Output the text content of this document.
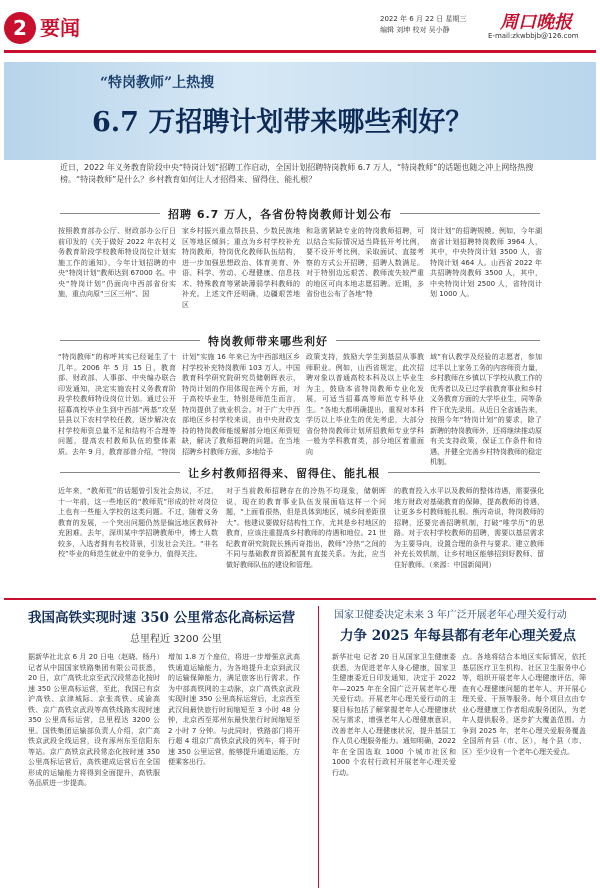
2 要闻	2022 年 6 月 22 日 星期三
编辑 刘坤 校对 吴小静	周口晚报
E-mail:zkwbbjb@126.com
“特岗教师”上热搜
6.7 万招聘计划带来哪些利好？
近日，2022 年义务教育阶段中央“特岗计划”招聘工作启动，全国计划招聘特岗教师 6.7 万人，“特岗教师”的话题也随之冲上网络热搜榜。“特岗教师”是什么？乡村教育如何让人才招得来、留得住、能扎根？
招聘 6.7 万人，各省份特岗教师计划公布
按照教育部办公厅、财政部办公厅日前印发的《关于做好 2022 年农村义务教育阶段学校教师特设岗位计划实施工作的通知》，今年计划招聘的中央“特岗计划”教师达到 67000 名。中央“特岗计划”仍面向中西部省份实施，重点向原“三区三州”、国
家乡村振兴重点帮扶县、少数民族地区等地区倾斜；重点为乡村学校补充特岗教师，特岗优化教师队伍结构，进一步加强思想政治、体育美育、外语、科学、劳动、心理健康、信息技术、特殊教育等紧缺薄弱学科教师的补充。上述文件还明确，边疆艰苦地区
和急需紧缺专业的特岗教师招聘，可以结合实际情况适当降低开考比例，要不设开考比例，采取面试、直接考察的方式公开招聘，招聘人数满足。对于特别边远艰苦、教师流失较严重的地区可向本地志愿招聘。近期，多省份也公布了各地“特
岗计划”的招聘规模。例如，今年湖南省计划招聘特岗教师 3964 人，其中，中央特岗计划 3500 人，省特岗计划 464 人。山西省 2022 年共招聘特岗教师 3500 人，其中，中央特岗计划 2500 人，省特岗计划 1000 人。
特岗教师带来哪些利好
“特岗教师”的称呼其实已经诞生了十几年。2006 年 5 月 15 日，教育部、财政部、人事部、中央编办联合印发通知，决定实施农村义务教育阶段学校教师特设岗位计划。通过公开招募高校毕业生到中西部“两基”攻坚县县以下农村学校任教，逐步解决农村学校师资总量不足和结构不合理等问题，提高农村教师队伍的整体素质。去年 9 月，教育部曾介绍，“特岗
计划”实施 16 年来已为中西部地区乡村学校补充特岗教师 103 万人。中国教育科学研究院研究员储朝晖表示，特岗计划的作用体现在两个方面，对于高校毕业生，特别是师范生而言，特岗提供了就业机会。对于广大中西部地区乡村学校来说，由中央财政支持的特岗教师能缓解部分地区师资短缺，解决了教师招聘的问题。在当地招聘乡村教师方面，多地给予
政策支持，鼓励大学生到基层从事教师职业。例如，山西省规定，此次招聘对象以普通高校本科及以上毕业生为主，鼓励本省特岗教师专业化发展，可适当招募高等师范专科毕业生。“各地大都明确提出，重视对本科学历以上毕业生的优先考虑，大部分省份特岗教师计划所招教师专业学科一般为学科教育类，部分地区着重面向
域”有认教学及经验的志愿者，参加过半以上家务工务的内容师资力量，乡村教师在乡镇以下学校从教工作的优秀者以及已过学前教育事业和乡村义务教育方面的大学毕业生，同等条件下优先录用。从近日全省通告来，按照今年“特岗计划”的要求，除了新聘的特岗教师外，还将继续推动原有关支持政策，保证工作条件和待遇，并健全完善乡村特岗教师的稳定机制。
让乡村教师招得来、留得住、能扎根
近年来，“教师荒”的话题曾引发社会热议，不过，十一年前，这一些地区的“教师荒”形成的针对岗位上也有一些能入学校的这类问题。不过，随着义务教育的发展，一个突出问题仍然是偏远地区教师补充困难。去年，深圳某中学招聘教师中，博士人数较多，入选者拥有名校背景，引发社会关注。“非名校”毕业的师范生就业中的竞争力，值得关注。
对于当前教师招聘存在的冷热不均现象，储朝晖说，现在的教育事业队伍发展面临这样一个问题，“上面看很热，但是具体到地区，城乡间差距很大”。他建议要做好结构性工作，尤其是乡村地区的教育，应该注重提高乡村教师的待遇和地位。21 世纪教育研究院院长熊丙奇指出，教师“冷热”之间的不同与基础教育资源配置有直接关系。为此，应当做好教师队伍的建设和管理。
的教育投入水平以及教师的整体待遇，需要强化地方财政对基础教育的保障，提高教师的待遇，让更多乡村教师能扎根。熊丙奇说，特岗教师的招聘，还要完善招聘机制，打破“唯学历”的思路。对于农村学校教师的招聘，需要以基层需求为主要导向，设置合理的条件与要求。建立教师补充长效机制，让乡村地区能够招到好教师、留住好教师。（来源：中国新闻网）
我国高铁实现时速 350 公里常态化高标运营
总里程近 3200 公里
据新华社北京 6 月 20 日电（赵晓、杨丹）记者从中国国家铁路集团有限公司获悉，20 日，京广高铁北京至武汉段常态化按时速 350 公里高标运营，至此，我国已有京沪高铁、京津城际、京张高铁、成渝高铁、京广高铁京武段等高铁线路实现时速 350 公里高标运营，总里程达 3200 公里。国铁集团运输部负责人介绍，京广高铁京武段全线运营，设有涿州东至信阳东等站。京广高铁京武段常态化按时速 350 公里高标运营后，高铁建成运营后在全国形成的运输能力将得到全面提升，高铁服务品质进一步提高。
增加 1.8 万个座位，将进一步增强京武高铁通道运输能力，为各地提升北京到武汉的运输保障能力，满足旅客出行需求。作为中部高铁网的主动脉，京广高铁京武段实现时速 350 公里高标运营后，北京西至武汉间最快旅行时间缩短至 3 小时 48 分钟，北京西至郑州东最快旅行时间缩短至 2 小时 7 分钟。与此同时，铁路部门将开行超 4 组京广高铁京武段的列车，将于时速 350 公里运营，能够提升通道运能，方便乘客出行。
国家卫健委决定未来 3 年广泛开展老年心理关爱行动
力争 2025 年每县都有老年心理关爱点
新华社电 记者 20 日从国家卫生健康委获悉，为促进老年人身心健康，国家卫生健康委近日印发通知，决定于 2022 年—2025 年在全国广泛开展老年心理关爱行动。开展老年心理关爱行动的主要目标包括了解掌握老年人心理健康状况与需求，增强老年人心理健康意识，改善老年人心理健康状况，提升基层工作人员心理服务能力。通知明确，2022 年在全国选取 1000 个城市社区和 1000 个农村行政村开展老年心理关爱行动。
点。各地将结合本地区实际情况，依托基层医疗卫生机构、社区卫生服务中心等，组织开展老年人心理健康评估，筛查有心理健康问题的老年人，并开展心理关爱、干预等服务。每个项目点由专业心理健康工作者组成服务团队，为老年人提供服务，逐步扩大覆盖范围。力争到 2025 年，老年心理关爱服务覆盖全国所有县（市、区），每个县（市、区）至少设有一个老年心理关爱点。
